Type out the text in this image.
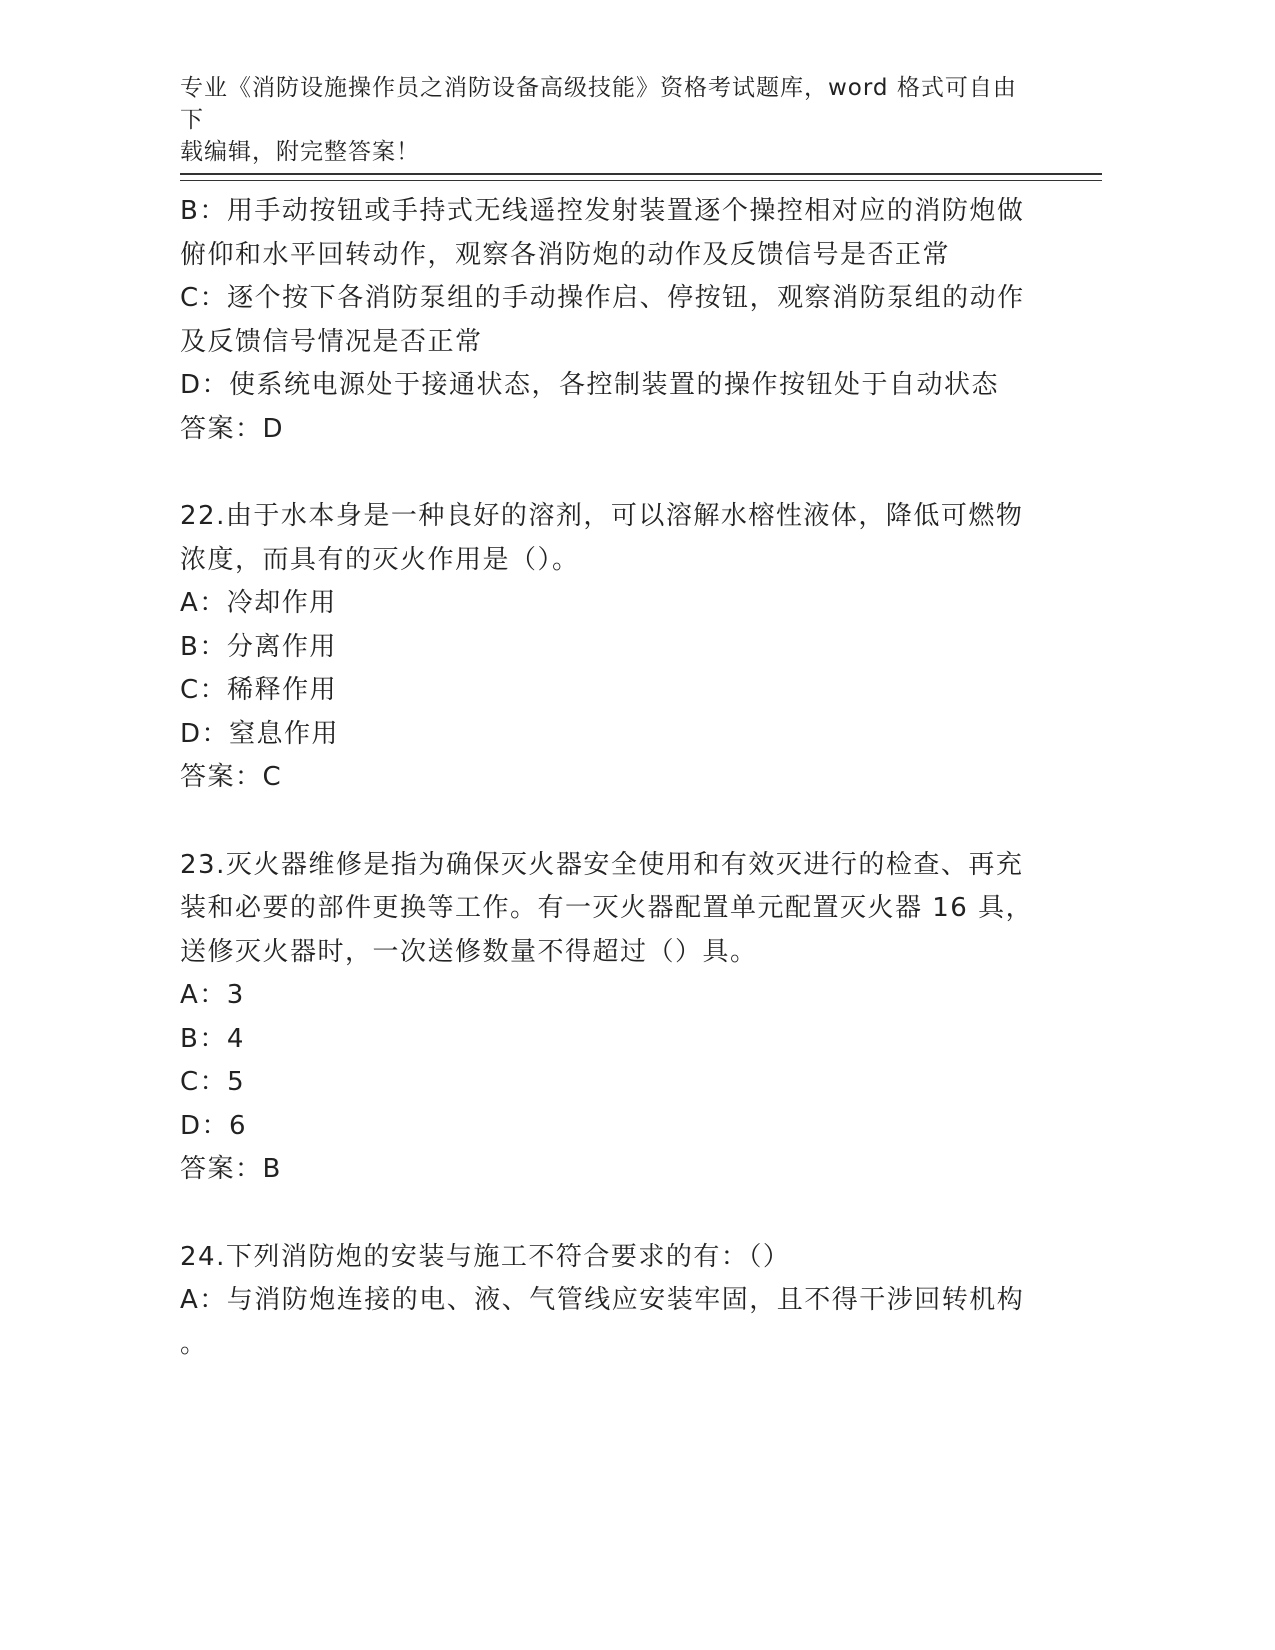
专业《消防设施操作员之消防设备高级技能》资格考试题库，word 格式可自由下
载编辑，附完整答案！
B：用手动按钮或手持式无线遥控发射装置逐个操控相对应的消防炮做
俯仰和水平回转动作，观察各消防炮的动作及反馈信号是否正常
C：逐个按下各消防泵组的手动操作启、停按钮，观察消防泵组的动作
及反馈信号情况是否正常
D：使系统电源处于接通状态，各控制装置的操作按钮处于自动状态
答案：D
22.由于水本身是一种良好的溶剂，可以溶解水榕性液体，降低可燃物
浓度，而具有的灭火作用是（）。
A：冷却作用
B：分离作用
C：稀释作用
D：窒息作用
答案：C
23.灭火器维修是指为确保灭火器安全使用和有效灭进行的检查、再充
装和必要的部件更换等工作。有一灭火器配置单元配置灭火器 16 具，
送修灭火器时，一次送修数量不得超过（）具。
A：3
B：4
C：5
D：6
答案：B
24.下列消防炮的安装与施工不符合要求的有：（）
A：与消防炮连接的电、液、气管线应安装牢固，且不得干涉回转机构
。
